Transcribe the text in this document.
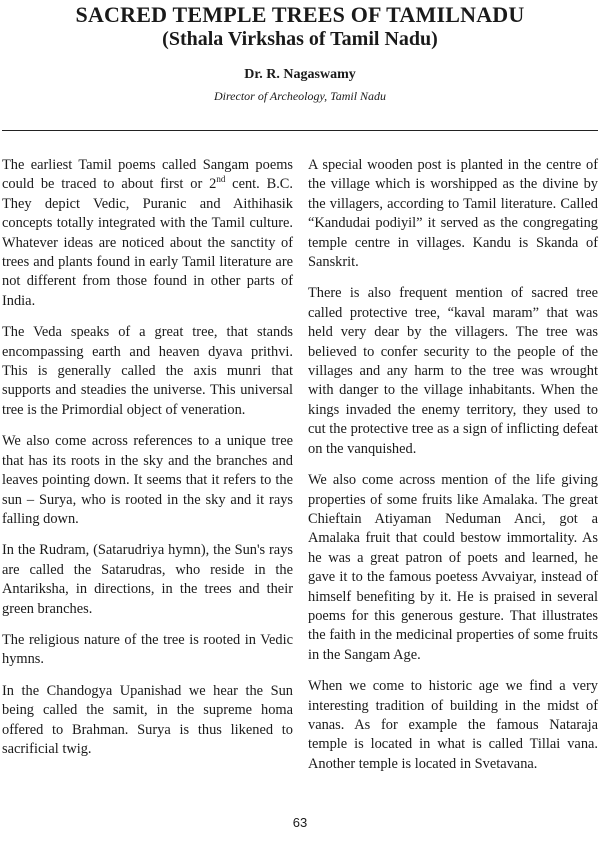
SACRED TEMPLE TREES OF TAMILNADU
(Sthala Virkshas of Tamil Nadu)
Dr. R. Nagaswamy
Director of Archeology, Tamil Nadu

The earliest Tamil poems called Sangam poems could be traced to about first or 2nd cent. B.C. They depict Vedic, Puranic and Aithihasik concepts totally integrated with the Tamil culture. Whatever ideas are noticed about the sanctity of trees and plants found in early Tamil literature are not different from those found in other parts of India.

The Veda speaks of a great tree, that stands encompassing earth and heaven dyava prithvi. This is generally called the axis munri that supports and steadies the universe. This universal tree is the Primordial object of veneration.

We also come across references to a unique tree that has its roots in the sky and the branches and leaves pointing down. It seems that it refers to the sun – Surya, who is rooted in the sky and it rays falling down.

In the Rudram, (Satarudriya hymn), the Sun's rays are called the Satarudras, who reside in the Antariksha, in directions, in the trees and their green branches.

The religious nature of the tree is rooted in Vedic hymns.

In the Chandogya Upanishad we hear the Sun being called the samit, in the supreme homa offered to Brahman. Surya is thus likened to sacrificial twig.

A special wooden post is planted in the centre of the village which is worshipped as the divine by the villagers, according to Tamil literature. Called “Kandudai podiyil” it served as the congregating temple centre in villages. Kandu is Skanda of Sanskrit.

There is also frequent mention of sacred tree called protective tree, “kaval maram” that was held very dear by the villagers. The tree was believed to confer security to the people of the villages and any harm to the tree was wrought with danger to the village inhabitants. When the kings invaded the enemy territory, they used to cut the protective tree as a sign of inflicting defeat on the vanquished.

We also come across mention of the life giving properties of some fruits like Amalaka. The great Chieftain Atiyaman Neduman Anci, got a Amalaka fruit that could bestow immortality. As he was a great patron of poets and learned, he gave it to the famous poetess Avvaiyar, instead of himself benefiting by it. He is praised in several poems for this generous gesture. That illustrates the faith in the medicinal properties of some fruits in the Sangam Age.

When we come to historic age we find a very interesting tradition of building in the midst of vanas. As for example the famous Nataraja temple is located in what is called Tillai vana. Another temple is located in Svetavana.

63
